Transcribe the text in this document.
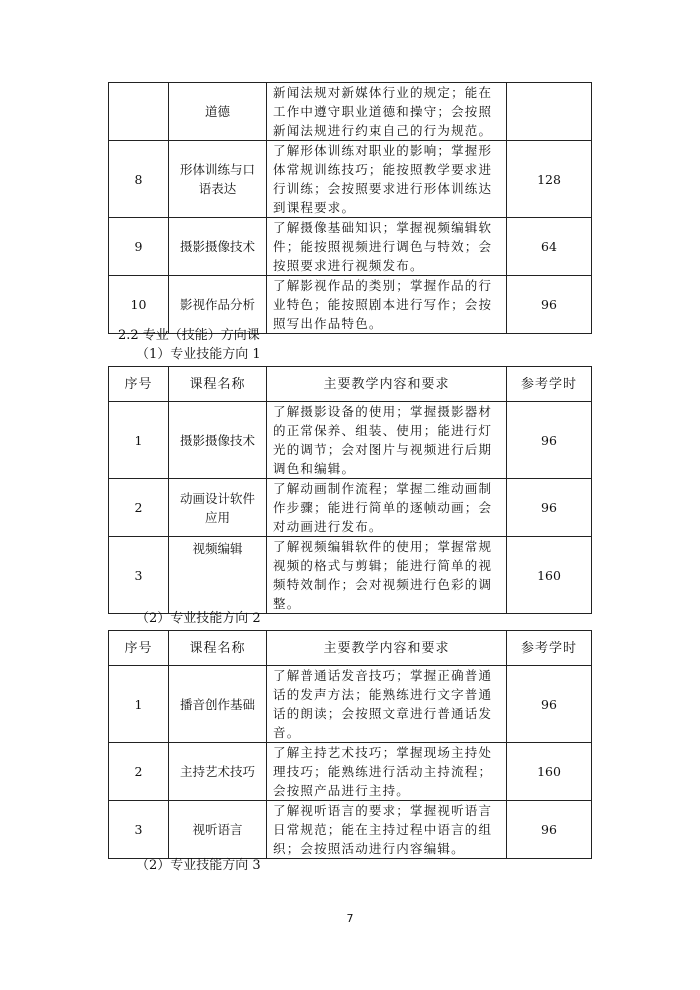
	道德	新闻法规对新媒体行业的规定；能在工作中遵守职业道德和操守；会按照新闻法规进行约束自己的行为规范。	
8	形体训练与口语表达	了解形体训练对职业的影响；掌握形体常规训练技巧；能按照教学要求进行训练；会按照要求进行形体训练达到课程要求。	128
9	摄影摄像技术	了解摄像基础知识；掌握视频编辑软件；能按照视频进行调色与特效；会按照要求进行视频发布。	64
10	影视作品分析	了解影视作品的类别；掌握作品的行业特色；能按照剧本进行写作；会按照写出作品特色。	96
2.2 专业（技能）方向课
（1）专业技能方向 1
序号	课程名称	主要教学内容和要求	参考学时
1	摄影摄像技术	了解摄影设备的使用；掌握摄影器材的正常保养、组装、使用；能进行灯光的调节；会对图片与视频进行后期调色和编辑。	96
2	动画设计软件应用	了解动画制作流程；掌握二维动画制作步骤；能进行简单的逐帧动画；会对动画进行发布。	96
3	视频编辑	了解视频编辑软件的使用；掌握常规视频的格式与剪辑；能进行简单的视频特效制作；会对视频进行色彩的调整。	160
（2）专业技能方向 2
序号	课程名称	主要教学内容和要求	参考学时
1	播音创作基础	了解普通话发音技巧；掌握正确普通话的发声方法；能熟练进行文字普通话的朗读；会按照文章进行普通话发音。	96
2	主持艺术技巧	了解主持艺术技巧；掌握现场主持处理技巧；能熟练进行活动主持流程；会按照产品进行主持。	160
3	视听语言	了解视听语言的要求；掌握视听语言日常规范；能在主持过程中语言的组织；会按照活动进行内容编辑。	96
（2）专业技能方向 3
7
